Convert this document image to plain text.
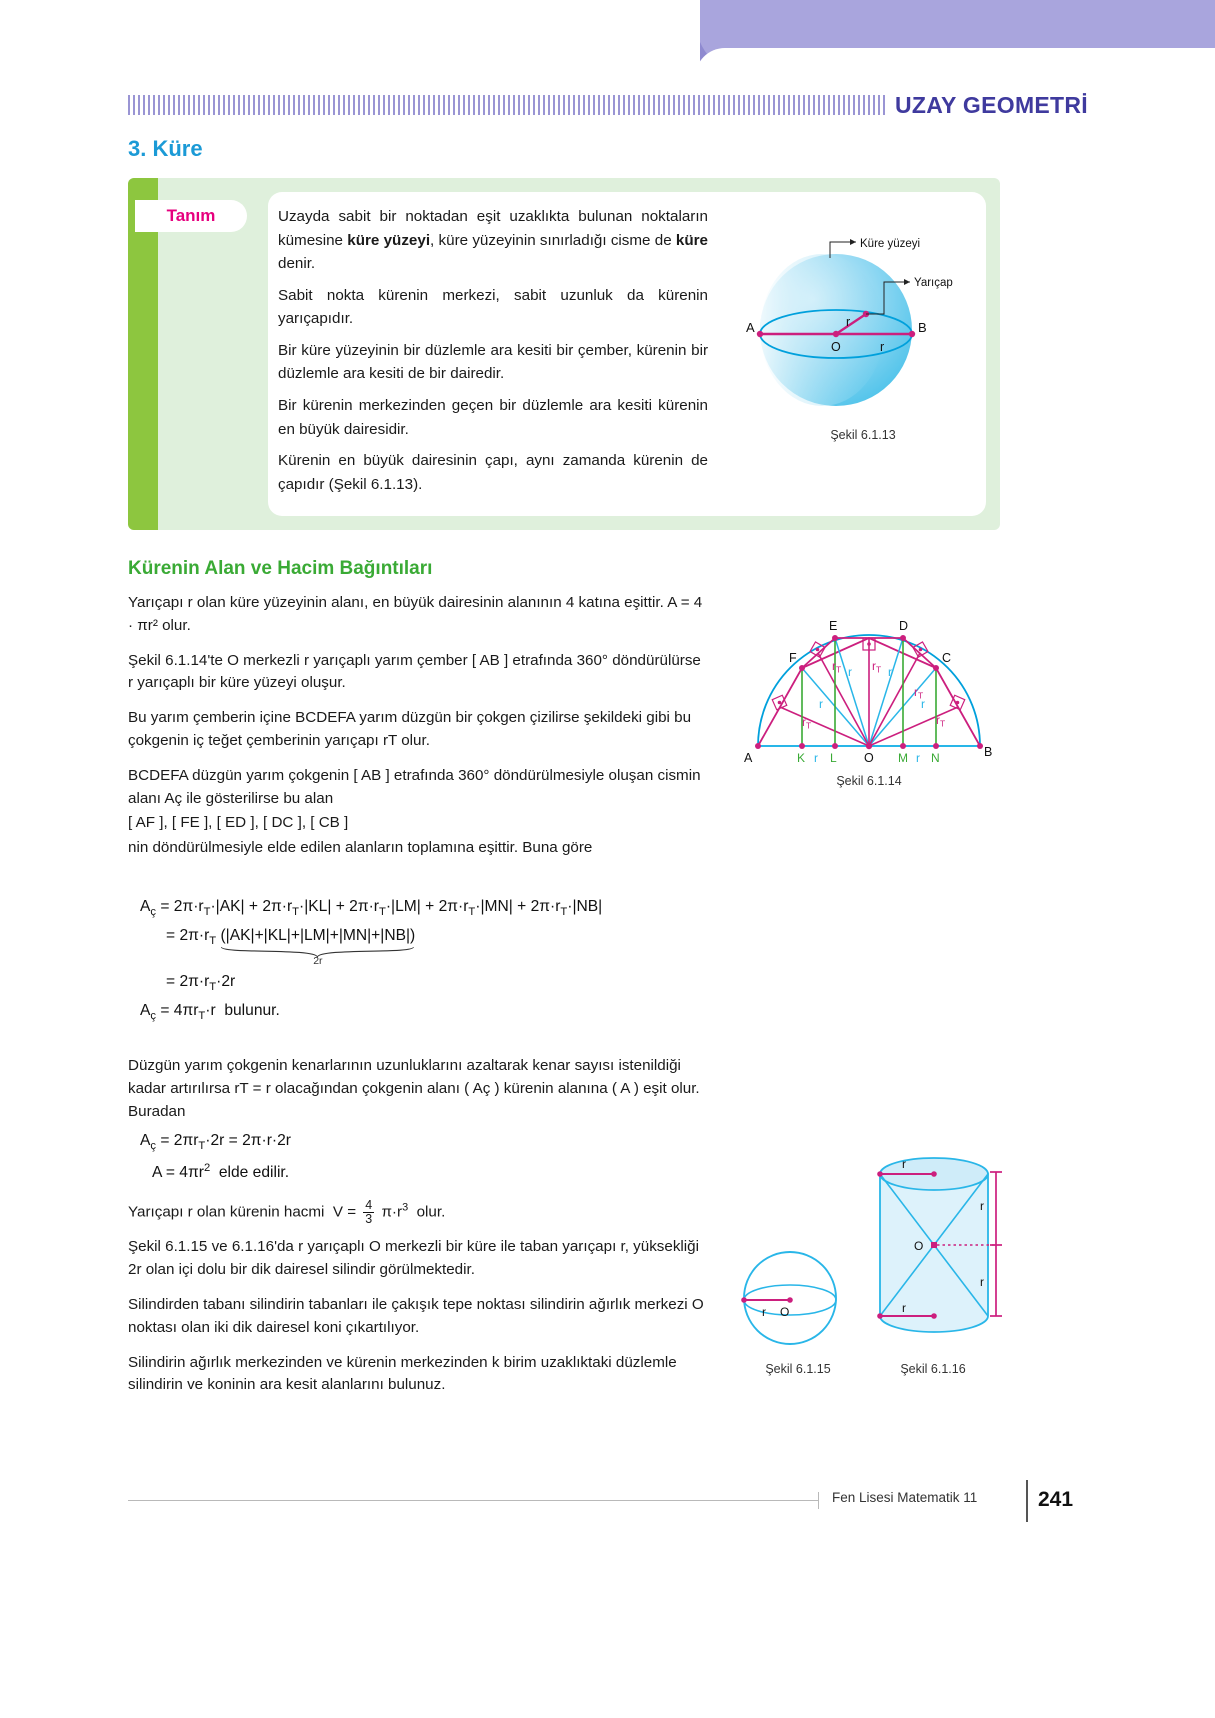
UZAY GEOMETRİ
3. Küre
Tanım	Uzayda sabit bir noktadan eşit uzaklıkta bulunan noktaların kümesine küre yüzeyi, küre yüzeyinin sınırladığı cisme de küre denir.

Sabit nokta kürenin merkezi, sabit uzunluk da kürenin yarıçapıdır.

Bir küre yüzeyinin bir düzlemle ara kesiti bir çember, kürenin bir düzlemle ara kesiti de bir dairedir.

Bir kürenin merkezinden geçen bir düzlemle ara kesiti kürenin en büyük dairesidir.

Kürenin en büyük dairesinin çapı, aynı zamanda kürenin de çapıdır (Şekil 6.1.13).

Küre yüzeyi
Yarıçap
A	B
O
r
r
Şekil 6.1.13
Kürenin Alan ve Hacim Bağıntıları

Yarıçapı r olan küre yüzeyinin alanı, en büyük dairesinin alanının 4 katına eşittir. A = 4 · πr² olur.

Şekil 6.1.14'te O merkezli r yarıçaplı yarım çember [ AB ] etrafında 360° döndürülürse r yarıçaplı bir küre yüzeyi oluşur.

Bu yarım çemberin içine BCDEFA yarım düzgün bir çokgen çizilirse şekildeki gibi bu çokgenin iç teğet çemberinin yarıçapı rT olur.

BCDEFA düzgün yarım çokgenin [ AB ] etrafında 360° döndürülmesiyle oluşan cismin alanı Aç ile gösterilirse bu alan

[ AF ], [ FE ], [ ED ], [ DC ], [ CB ]

nin döndürülmesiyle elde edilen alanların toplamına eşittir. Buna göre

$A_ç = 2\pi\cdot r_T\cdot|AK| + 2\pi\cdot r_T\cdot|KL| + 2\pi\cdot r_T\cdot|LM| + 2\pi\cdot r_T\cdot|MN| + 2\pi\cdot r_T\cdot|NB|$
= $2\pi\cdot r_T$ (|AK|+|KL|+|LM|+|MN|+|NB|)
2r
= $2\pi\cdot r_T\cdot 2r$
$A_ç = 4\pi r_T\cdot r$  bulunur.

Düzgün yarım çokgenin kenarlarının uzunluklarını azaltarak kenar sayısı istenildiği kadar artırılırsa rT = r olacağından çokgenin alanı ( Aç ) kürenin alanına ( A ) eşit olur. Buradan

$A_ç = 2\pi r_T\cdot 2r = 2\pi\cdot r\cdot 2r$
$A = 4\pi r^2$  elde edilir.

Yarıçapı r olan kürenin hacmi  $V = \frac{4}{3} \pi\cdot r^3$  olur.

Şekil 6.1.15 ve 6.1.16'da r yarıçaplı O merkezli bir küre ile taban yarıçapı r, yüksekliği 2r olan içi dolu bir dik dairesel silindir görülmektedir.

Silindirden tabanı silindirin tabanları ile çakışık tepe noktası silindirin ağırlık merkezi O noktası olan iki dik dairesel koni çıkartılıyor.

Silindirin ağırlık merkezinden ve kürenin merkezinden k birim uzaklıktaki düzlemle silindirin ve koninin ara kesit alanlarını bulunuz.

A
F
E	D
C
B
O
K L	M N
r	r
r
r	r
r
$r_T$
$r_T$	$r_T$
$r_T$
$r_T$
Şekil 6.1.14
r O
r
r
O
r
r
Şekil 6.1.15	Şekil 6.1.16
Fen Lisesi Matematik 11	241
